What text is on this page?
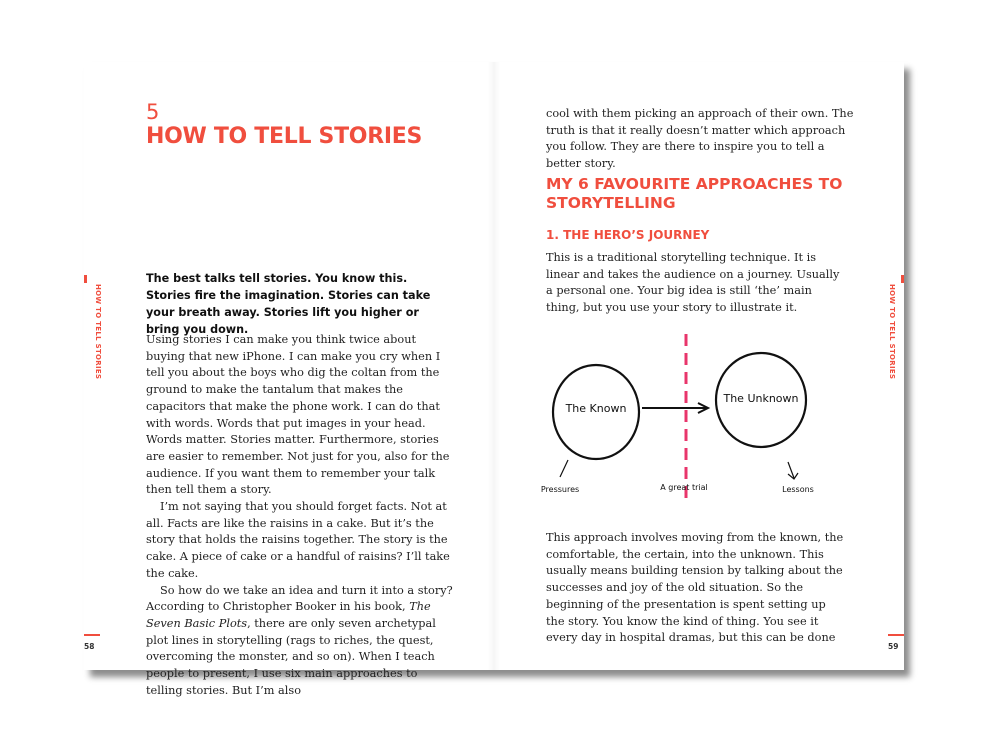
5
HOW TO TELL STORIES
HOW TO TELL STORIES

The best talks tell stories. You know this. Stories fire the imagination. Stories can take your breath away. Stories lift you higher or bring you down.

Using stories I can make you think twice about buying that new iPhone. I can make you cry when I tell you about the boys who dig the coltan from the ground to make the tantalum that makes the capacitors that make the phone work. I can do that with words. Words that put images in your head. Words matter. Stories matter. Furthermore, stories are easier to remember. Not just for you, also for the audience. If you want them to remember your talk then tell them a story.

I’m not saying that you should forget facts. Not at all. Facts are like the raisins in a cake. But it’s the story that holds the raisins together. The story is the cake. A piece of cake or a handful of raisins? I’ll take the cake.

So how do we take an idea and turn it into a story? According to Christopher Booker in his book, The Seven Basic Plots, there are only seven archetypal plot lines in storytelling (rags to riches, the quest, overcoming the monster, and so on). When I teach people to present, I use six main approaches to telling stories. But I’m also

58

cool with them picking an approach of their own. The truth is that it really doesn’t matter which approach you follow. They are there to inspire you to tell a better story.

MY 6 FAVOURITE APPROACHES TO STORYTELLING
1. THE HERO’S JOURNEY

This is a traditional storytelling technique. It is linear and takes the audience on a journey. Usually a personal one. Your big idea is still ‘the’ main thing, but you use your story to illustrate it.

The Known
The Unknown
Pressures	A great trial	Lessons

This approach involves moving from the known, the comfortable, the certain, into the unknown. This usually means building tension by talking about the successes and joy of the old situation. So the beginning of the presentation is spent setting up the story. You know the kind of thing. You see it every day in hospital dramas, but this can be done

HOW TO TELL STORIES
59
